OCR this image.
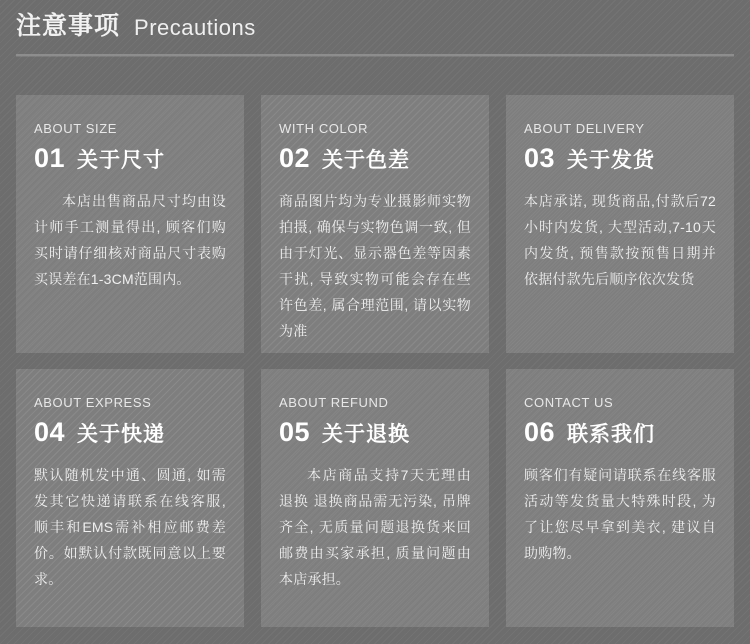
注意事项 Precautions
ABOUT SIZE
01 关于尺寸
本店出售商品尺寸均由设计师手工测量得出, 顾客们购买时请仔细核对商品尺寸表购买误差在1-3CM范围内。
WITH COLOR
02 关于色差
商品图片均为专业摄影师实物拍摄, 确保与实物色调一致, 但由于灯光、显示器色差等因素干扰, 导致实物可能会存在些许色差, 属合理范围, 请以实物为准
ABOUT DELIVERY
03 关于发货
本店承诺, 现货商品,付款后72小时内发货, 大型活动,7-10天内发货, 预售款按预售日期并依据付款先后顺序依次发货
ABOUT EXPRESS
04 关于快递
默认随机发中通、圆通, 如需发其它快递请联系在线客服, 顺丰和EMS需补相应邮费差价。如默认付款既同意以上要求。
ABOUT REFUND
05 关于退换
本店商品支持7天无理由退换 退换商品需无污染, 吊牌齐全, 无质量问题退换货来回邮费由买家承担, 质量问题由本店承担。
CONTACT US
06 联系我们
顾客们有疑问请联系在线客服 活动等发货量大特殊时段, 为了让您尽早拿到美衣, 建议自助购物。
